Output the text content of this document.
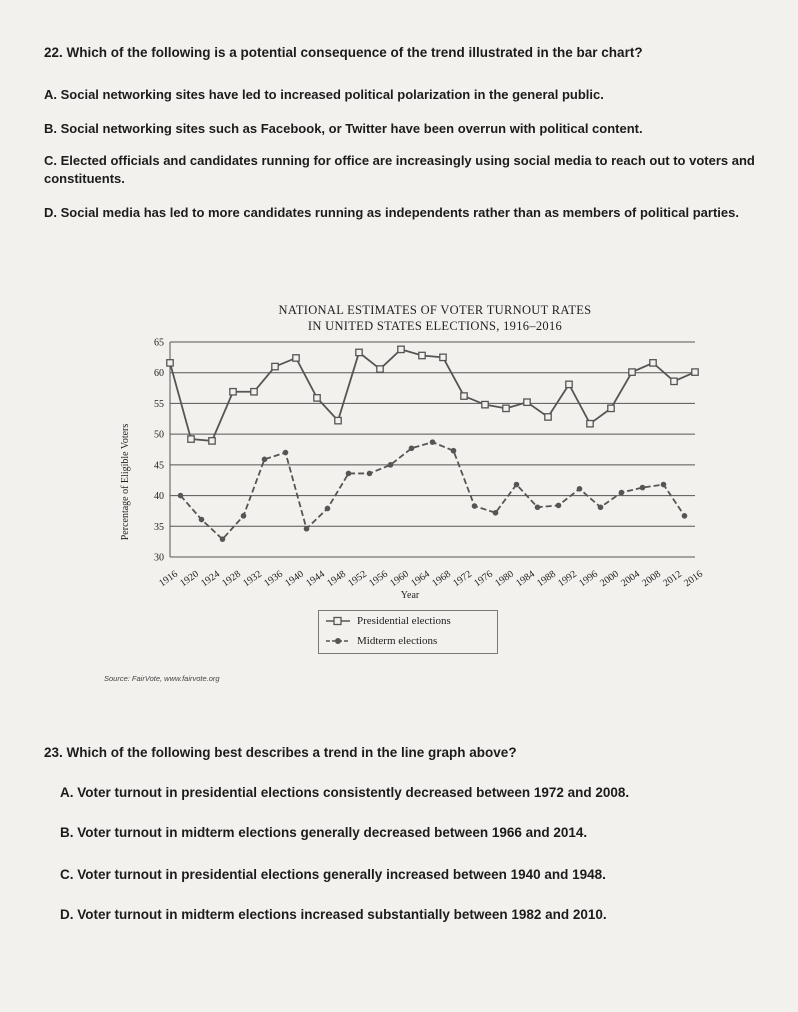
22. Which of the following is a potential consequence of the trend illustrated in the bar chart?
A. Social networking sites have led to increased political polarization in the general public.
B. Social networking sites such as Facebook, or Twitter have been overrun with political content.
C. Elected officials and candidates running for office are increasingly using social media to reach out to voters and constituents.
D. Social media has led to more candidates running as independents rather than as members of political parties.
NATIONAL ESTIMATES OF VOTER TURNOUT RATES
IN UNITED STATES ELECTIONS, 1916–2016
30
35
40
45
50
55
60
65
1916
1920
1924
1928
1932
1936
1940
1944
1948
1952
1956
1960
1964
1968
1972
1976
1980
1984
1988
1992
1996
2000
2004
2008
2012
2016
Percentage of Eligible Voters
Year
Presidential elections
Midterm elections
Source: FairVote, www.fairvote.org
23. Which of the following best describes a trend in the line graph above?
A. Voter turnout in presidential elections consistently decreased between 1972 and 2008.
B. Voter turnout in midterm elections generally decreased between 1966 and 2014.
C. Voter turnout in presidential elections generally increased between 1940 and 1948.
D. Voter turnout in midterm elections increased substantially between 1982 and 2010.
